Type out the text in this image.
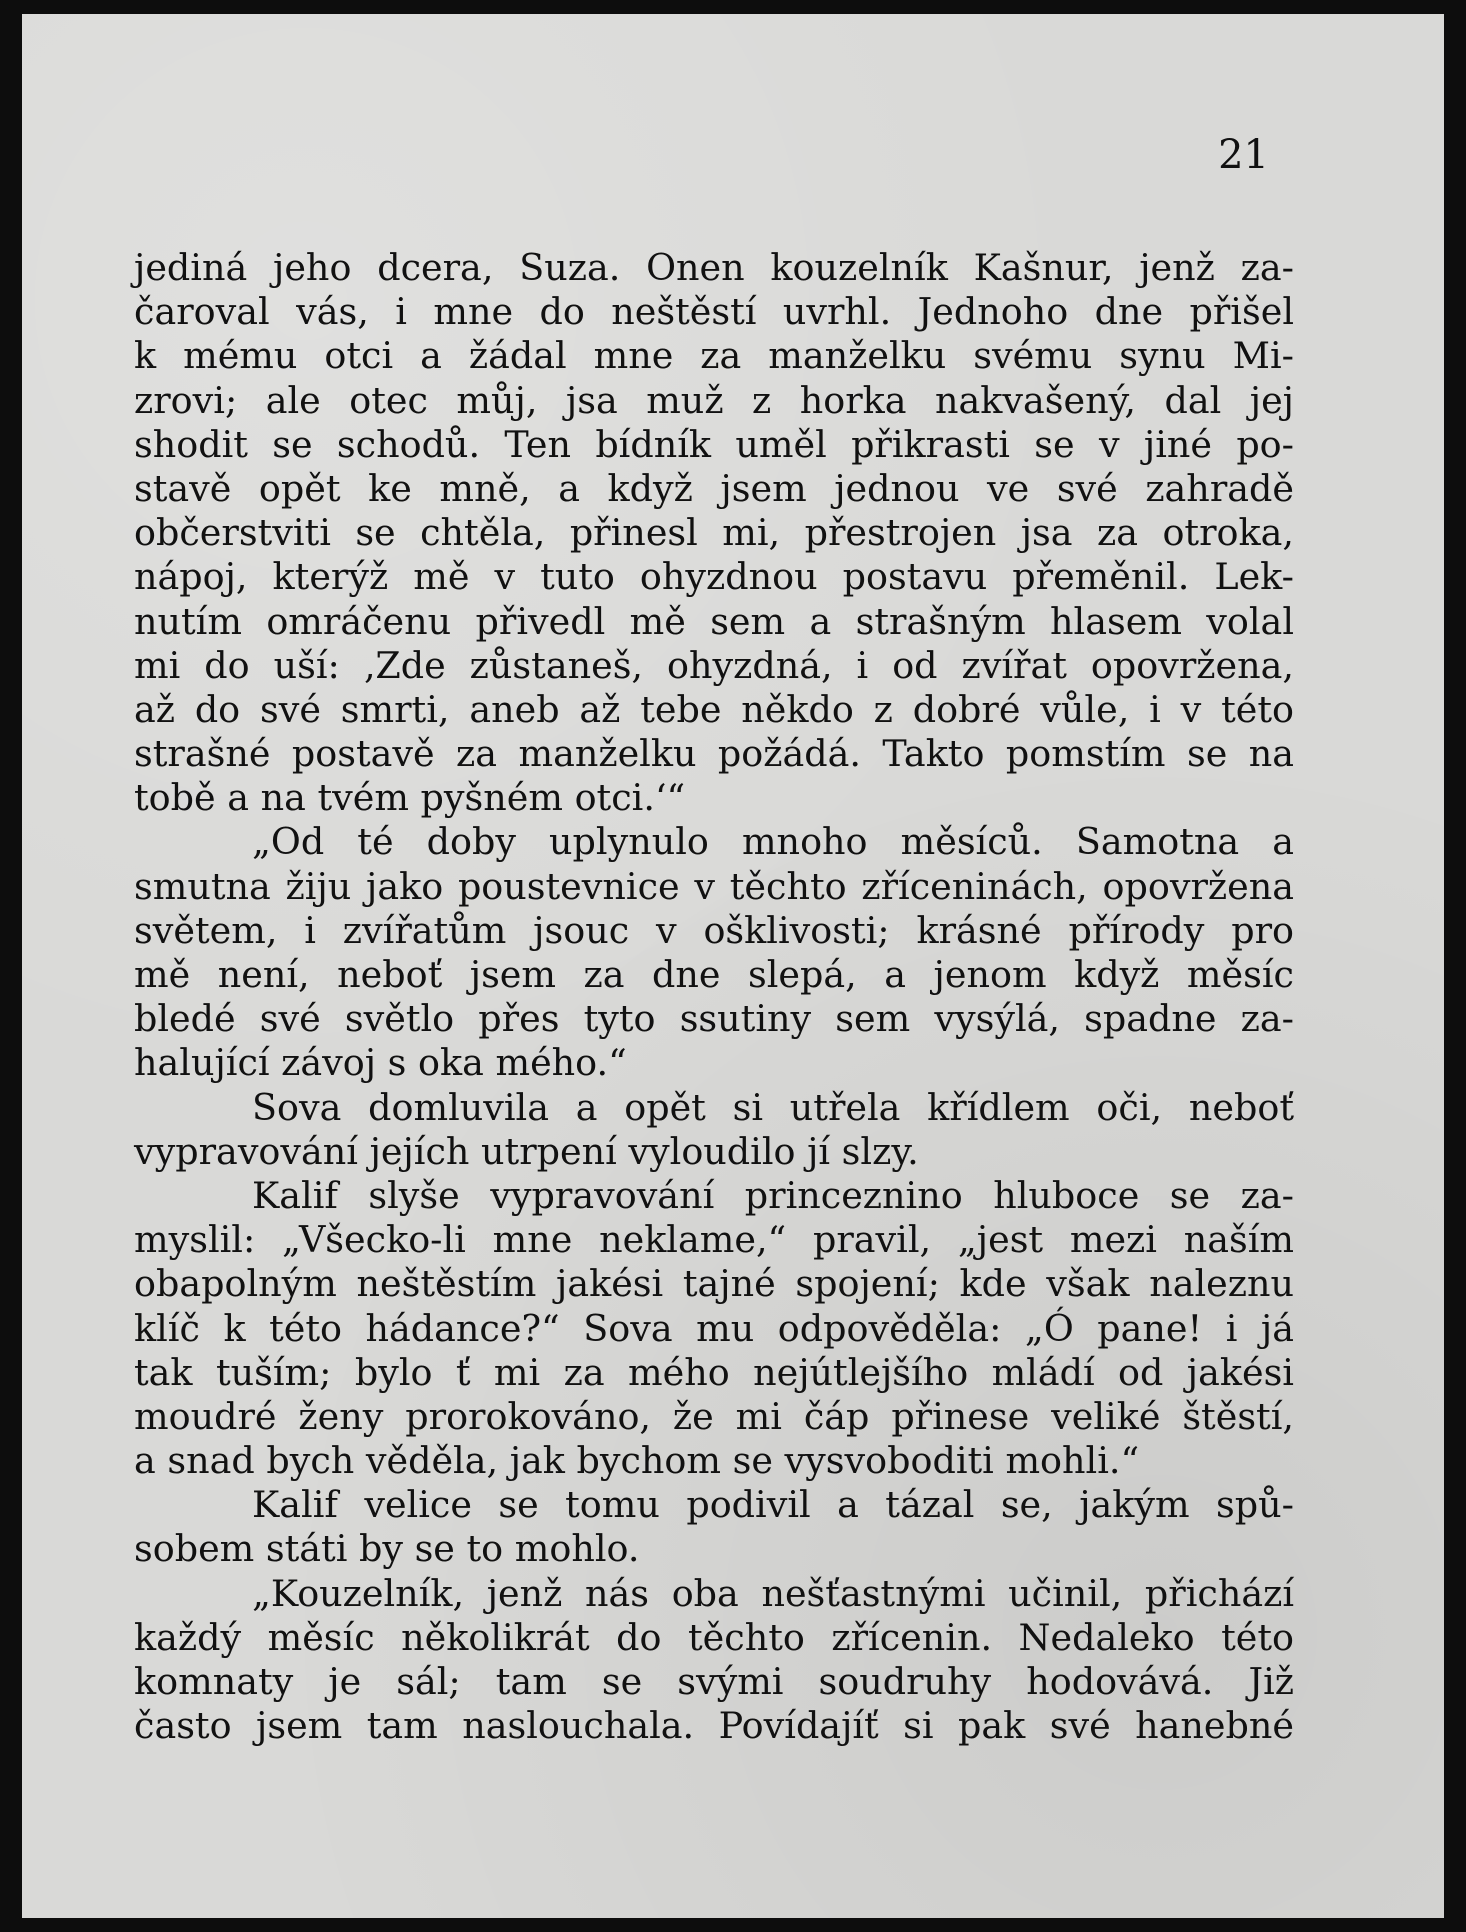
21
jediná jeho dcera, Suza. Onen kouzelník Kašnur, jenž za-
čaroval vás, i mne do neštěstí uvrhl. Jednoho dne přišel
k mému otci a žádal mne za manželku svému synu Mi-
zrovi; ale otec můj, jsa muž z horka nakvašený, dal jej
shodit se schodů. Ten bídník uměl přikrasti se v jiné po-
stavě opět ke mně, a když jsem jednou ve své zahradě
občerstviti se chtěla, přinesl mi, přestrojen jsa za otroka,
nápoj, kterýž mě v tuto ohyzdnou postavu přeměnil. Lek-
nutím omráčenu přivedl mě sem a strašným hlasem volal
mi do uší: ‚Zde zůstaneš, ohyzdná, i od zvířat opovržena,
až do své smrti, aneb až tebe někdo z dobré vůle, i v této
strašné postavě za manželku požádá. Takto pomstím se na
tobě a na tvém pyšném otci.‘“
„Od té doby uplynulo mnoho měsíců. Samotna a
smutna žiju jako poustevnice v těchto zříceninách, opovržena
světem, i zvířatům jsouc v ošklivosti; krásné přírody pro
mě není, neboť jsem za dne slepá, a jenom když měsíc
bledé své světlo přes tyto ssutiny sem vysýlá, spadne za-
halující závoj s oka mého.“
Sova domluvila a opět si utřela křídlem oči, neboť
vypravování jejích utrpení vyloudilo jí slzy.
Kalif slyše vypravování princeznino hluboce se za-
myslil: „Všecko-li mne neklame,“ pravil, „jest mezi naším
obapolným neštěstím jakési tajné spojení; kde však naleznu
klíč k této hádance?“ Sova mu odpověděla: „Ó pane! i já
tak tuším; bylo ť mi za mého nejútlejšího mládí od jakési
moudré ženy prorokováno, že mi čáp přinese veliké štěstí,
a snad bych věděla, jak bychom se vysvoboditi mohli.“
Kalif velice se tomu podivil a tázal se, jakým spů-
sobem státi by se to mohlo.
„Kouzelník, jenž nás oba nešťastnými učinil, přichází
každý měsíc několikrát do těchto zřícenin. Nedaleko této
komnaty je sál; tam se svými soudruhy hodovává. Již
často jsem tam naslouchala. Povídajíť si pak své hanebné
